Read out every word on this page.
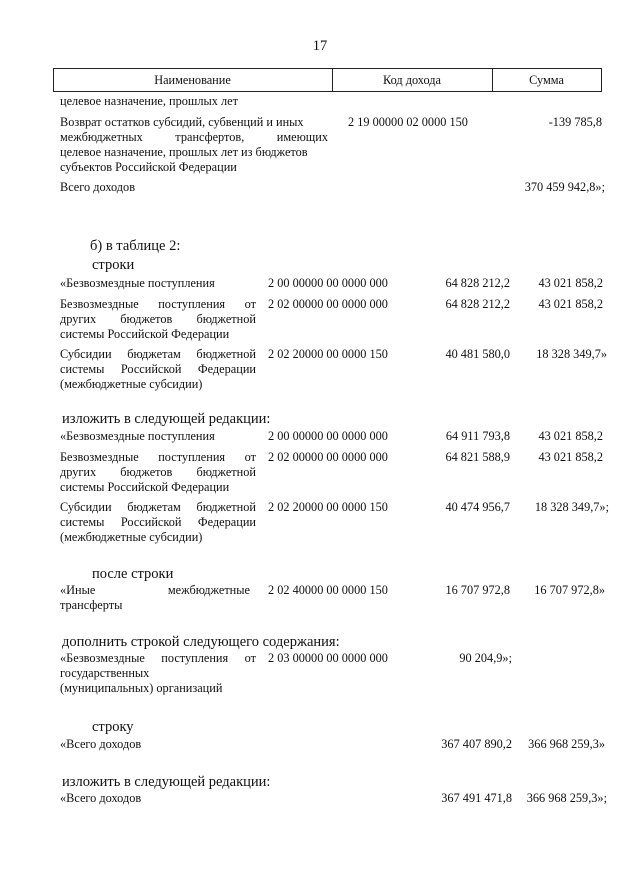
17
Наименование	Код дохода	Сумма
целевое назначение, прошлых лет
Возврат остатков субсидий, субвенций и иных
межбюджетных трансфертов, имеющих
целевое назначение, прошлых лет из бюджетов
субъектов Российской Федерации
2 19 00000 02 0000 150	-139 785,8
Всего доходов	370 459 942,8»;
б) в таблице 2:
строки
«Безвозмездные поступления	2 00 00000 00 0000 000	64 828 212,2	43 021 858,2
Безвозмездные поступления от
других бюджетов бюджетной
системы Российской Федерации
2 02 00000 00 0000 000	64 828 212,2	43 021 858,2
Субсидии бюджетам бюджетной
системы Российской Федерации
(межбюджетные субсидии)
2 02 20000 00 0000 150	40 481 580,0	18 328 349,7»
изложить в следующей редакции:
«Безвозмездные поступления	2 00 00000 00 0000 000	64 911 793,8	43 021 858,2
Безвозмездные поступления от
других бюджетов бюджетной
системы Российской Федерации
2 02 00000 00 0000 000	64 821 588,9	43 021 858,2
Субсидии бюджетам бюджетной
системы Российской Федерации
(межбюджетные субсидии)
2 02 20000 00 0000 150	40 474 956,7	18 328 349,7»;
после строки
«Иные межбюджетные
трансферты
2 02 40000 00 0000 150	16 707 972,8	16 707 972,8»
дополнить строкой следующего содержания:
«Безвозмездные поступления от
государственных
(муниципальных) организаций
2 03 00000 00 0000 000	90 204,9»;
строку
«Всего доходов	367 407 890,2	366 968 259,3»
изложить в следующей редакции:
«Всего доходов	367 491 471,8	366 968 259,3»;
